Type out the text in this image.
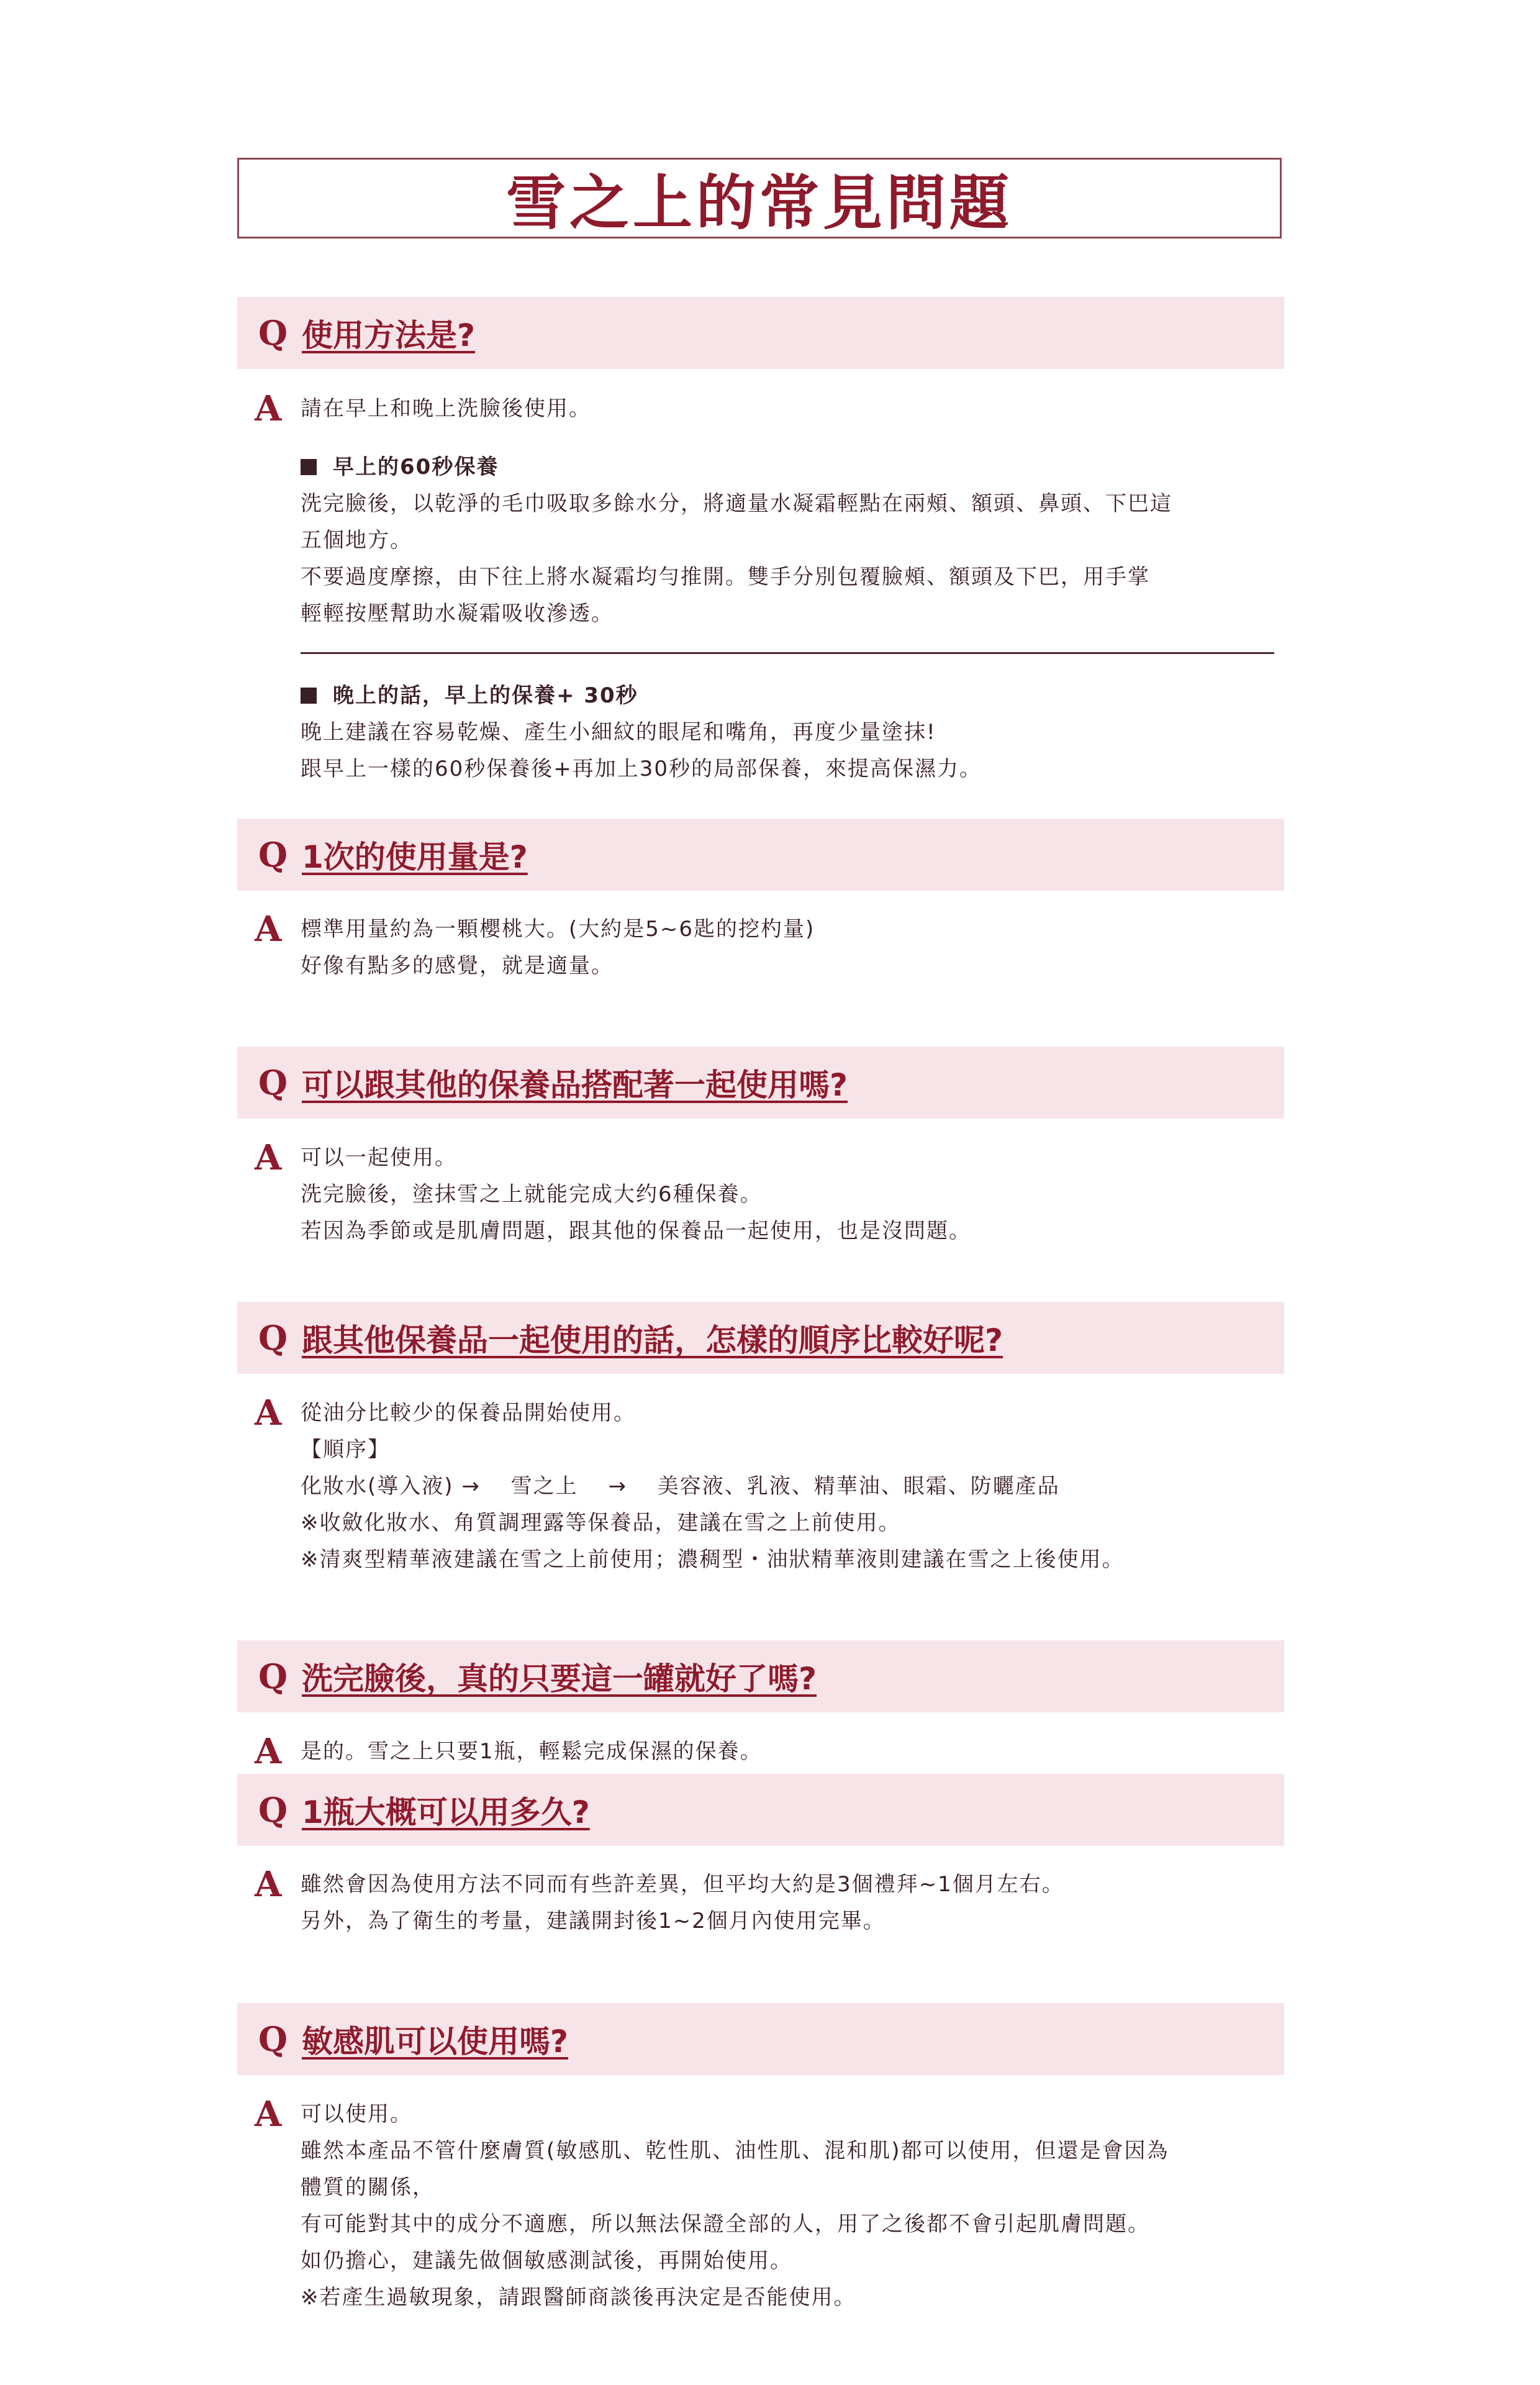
雪之上的常見問題
Q 使用方法是?
A 請在早上和晚上洗臉後使用。
早上的60秒保養
洗完臉後，以乾淨的毛巾吸取多餘水分，將適量水凝霜輕點在兩頰、額頭、鼻頭、下巴這
五個地方。
不要過度摩擦，由下往上將水凝霜均勻推開。雙手分別包覆臉頰、額頭及下巴，用手掌
輕輕按壓幫助水凝霜吸收滲透。
晚上的話，早上的保養+ 30秒
晚上建議在容易乾燥、產生小細紋的眼尾和嘴角，再度少量塗抹!
跟早上一樣的60秒保養後+再加上30秒的局部保養，來提高保濕力。
Q 1次的使用量是?
A 標準用量約為一顆櫻桃大。(大約是5~6匙的挖杓量)
好像有點多的感覺，就是適量。
Q 可以跟其他的保養品搭配著一起使用嗎?
A 可以一起使用。
洗完臉後，塗抹雪之上就能完成大约6種保養。
若因為季節或是肌膚問題，跟其他的保養品一起使用，也是沒問題。
Q 跟其他保養品一起使用的話，怎樣的順序比較好呢?
A 從油分比較少的保養品開始使用。
【順序】
化妝水(導入液) →　 雪之上　 →　 美容液、乳液、精華油、眼霜、防曬產品
※收斂化妝水、角質調理露等保養品，建議在雪之上前使用。
※清爽型精華液建議在雪之上前使用；濃稠型・油狀精華液則建議在雪之上後使用。
Q 洗完臉後，真的只要這一罐就好了嗎?
A 是的。雪之上只要1瓶，輕鬆完成保濕的保養。
Q 1瓶大概可以用多久?
A 雖然會因為使用方法不同而有些許差異，但平均大約是3個禮拜~1個月左右。
另外，為了衛生的考量，建議開封後1~2個月內使用完畢。
Q 敏感肌可以使用嗎?
A 可以使用。
雖然本產品不管什麼膚質(敏感肌、乾性肌、油性肌、混和肌)都可以使用，但還是會因為
體質的關係，
有可能對其中的成分不適應，所以無法保證全部的人，用了之後都不會引起肌膚問題。
如仍擔心，建議先做個敏感測試後，再開始使用。
※若產生過敏現象，請跟醫師商談後再決定是否能使用。
